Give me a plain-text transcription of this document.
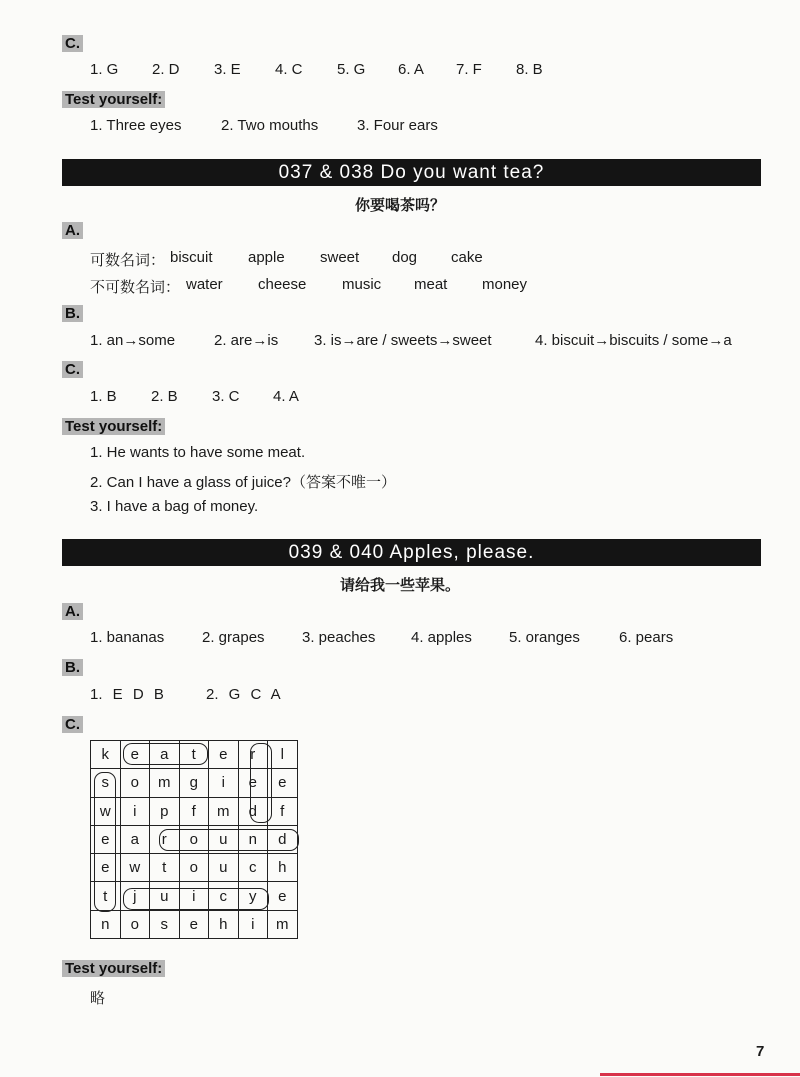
C.
1. G 2. D 3. E 4. C 5. G 6. A 7. F 8. B
Test yourself:
1. Three eyes	2. Two mouths	3. Four ears
037 & 038 Do you want tea?
你要喝茶吗？
A.
可数名词： biscuit apple sweet dog cake
不可数名词： water cheese music meat money
B.
1. an→some	2. are→is 3. is→are / sweets→sweet	4. biscuit→biscuits / some→a
C.
1. B 2. B 3. C 4. A
Test yourself:
1. He wants to have some meat.
2. Can I have a glass of juice?（答案不唯一）
3. I have a bag of money.
039 & 040 Apples, please.
请给我一些苹果。
A.
1. bananas	2. grapes 3. peaches 4. apples 5. oranges	6. pears
B.
1. E D B	2. G C A
C.
k	e	a	t	e	r	l
s	o	m	g	i	e	e
w	i	p	f	m	d	f
e	a	r	o	u	n	d
e	w	t	o	u	c	h
t	j	u	i	c	y	e
n	o	s	e	h	i	m
Test yourself:
略
7
